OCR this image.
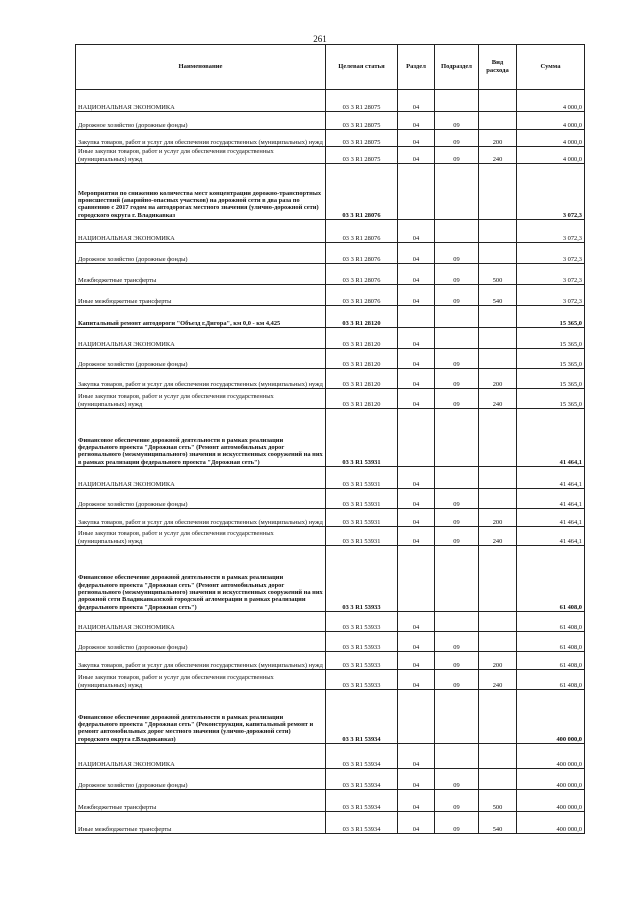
261
Наименование	Целевая статья	Раздел	Подраздел	Вид расхода	Сумма
НАЦИОНАЛЬНАЯ ЭКОНОМИКА	03 3 R1 28075	04			4 000,0
Дорожное хозяйство (дорожные фонды)	03 3 R1 28075	04	09		4 000,0
Закупка товаров, работ и услуг для обеспечения государственных (муниципальных) нужд	03 3 R1 28075	04	09	200	4 000,0
Иные закупки товаров, работ и услуг для обеспечения государственных (муниципальных) нужд	03 3 R1 28075	04	09	240	4 000,0
Мероприятия по снижению количества мест концентрации дорожно-транспортных происшествий (аварийно-опасных участков) на дорожной сети в два раза по сравнению с 2017 годом на автодорогах местного значения (улично-дорожной сети) городского округа г. Владикавказ	03 3 R1 28076				3 072,3
НАЦИОНАЛЬНАЯ ЭКОНОМИКА	03 3 R1 28076	04			3 072,3
Дорожное хозяйство (дорожные фонды)	03 3 R1 28076	04	09		3 072,3
Межбюджетные трансферты	03 3 R1 28076	04	09	500	3 072,3
Иные межбюджетные трансферты	03 3 R1 28076	04	09	540	3 072,3
Капитальный ремонт автодороги "Объезд г.Дигора", км 0,0 - км 4,425	03 3 R1 28120				15 365,0
НАЦИОНАЛЬНАЯ ЭКОНОМИКА	03 3 R1 28120	04			15 365,0
Дорожное хозяйство (дорожные фонды)	03 3 R1 28120	04	09		15 365,0
Закупка товаров, работ и услуг для обеспечения государственных (муниципальных) нужд	03 3 R1 28120	04	09	200	15 365,0
Иные закупки товаров, работ и услуг для обеспечения государственных (муниципальных) нужд	03 3 R1 28120	04	09	240	15 365,0
Финансовое обеспечение дорожной деятельности в рамках реализации федерального проекта "Дорожная сеть" (Ремонт автомобильных дорог регионального (межмуниципального) значения и искусственных сооружений на них в рамках реализации федерального проекта "Дорожная сеть")	03 3 R1 53931				41 464,1
НАЦИОНАЛЬНАЯ ЭКОНОМИКА	03 3 R1 53931	04			41 464,1
Дорожное хозяйство (дорожные фонды)	03 3 R1 53931	04	09		41 464,1
Закупка товаров, работ и услуг для обеспечения государственных (муниципальных) нужд	03 3 R1 53931	04	09	200	41 464,1
Иные закупки товаров, работ и услуг для обеспечения государственных (муниципальных) нужд	03 3 R1 53931	04	09	240	41 464,1
Финансовое обеспечение дорожной деятельности в рамках реализации федерального проекта "Дорожная сеть" (Ремонт автомобильных дорог регионального (межмуниципального) значения и искусственных сооружений на них дорожной сети Владикавказской городской агломерации в рамках реализации федерального проекта "Дорожная сеть")	03 3 R1 53933				61 408,0
НАЦИОНАЛЬНАЯ ЭКОНОМИКА	03 3 R1 53933	04			61 408,0
Дорожное хозяйство (дорожные фонды)	03 3 R1 53933	04	09		61 408,0
Закупка товаров, работ и услуг для обеспечения государственных (муниципальных) нужд	03 3 R1 53933	04	09	200	61 408,0
Иные закупки товаров, работ и услуг для обеспечения государственных (муниципальных) нужд	03 3 R1 53933	04	09	240	61 408,0
Финансовое обеспечение дорожной деятельности в рамках реализации федерального проекта "Дорожная сеть" (Реконструкция, капитальный ремонт и ремонт автомобильных дорог местного значения (улично-дорожной сети) городского округа г.Владикавказ)	03 3 R1 53934				400 000,0
НАЦИОНАЛЬНАЯ ЭКОНОМИКА	03 3 R1 53934	04			400 000,0
Дорожное хозяйство (дорожные фонды)	03 3 R1 53934	04	09		400 000,0
Межбюджетные трансферты	03 3 R1 53934	04	09	500	400 000,0
Иные межбюджетные трансферты	03 3 R1 53934	04	09	540	400 000,0
